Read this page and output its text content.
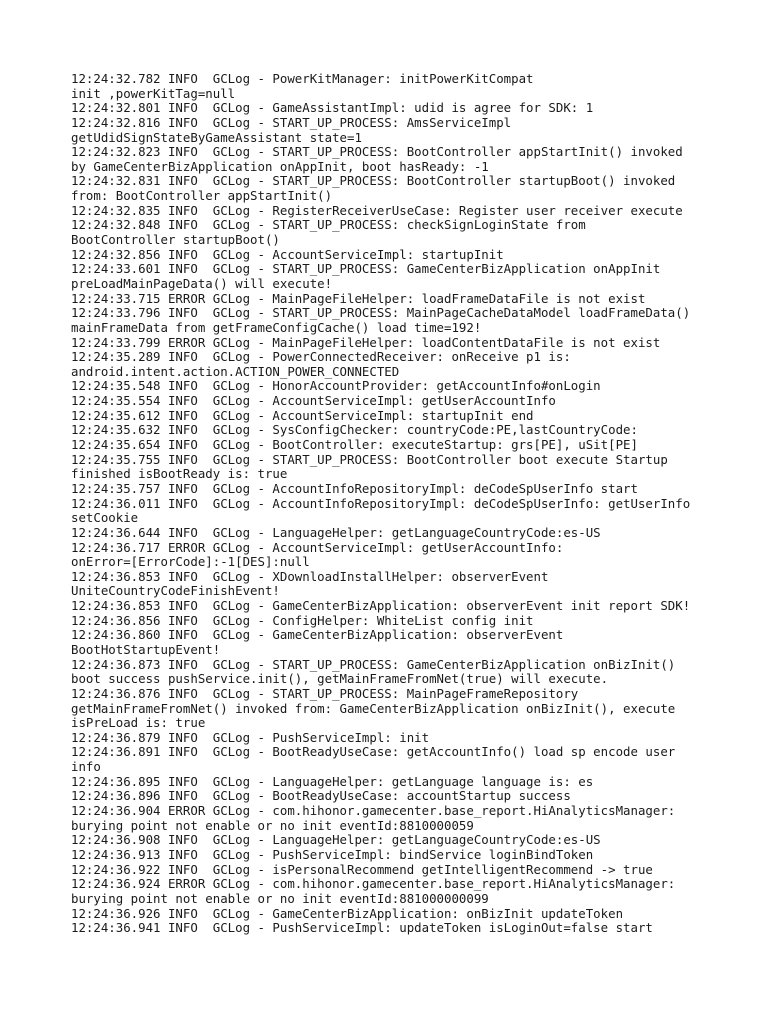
12:24:32.782 INFO  GCLog - PowerKitManager: initPowerKitCompat
init ,powerKitTag=null
12:24:32.801 INFO  GCLog - GameAssistantImpl: udid is agree for SDK: 1
12:24:32.816 INFO  GCLog - START_UP_PROCESS: AmsServiceImpl
getUdidSignStateByGameAssistant state=1
12:24:32.823 INFO  GCLog - START_UP_PROCESS: BootController appStartInit() invoked
by GameCenterBizApplication onAppInit, boot hasReady: -1
12:24:32.831 INFO  GCLog - START_UP_PROCESS: BootController startupBoot() invoked
from: BootController appStartInit()
12:24:32.835 INFO  GCLog - RegisterReceiverUseCase: Register user receiver execute
12:24:32.848 INFO  GCLog - START_UP_PROCESS: checkSignLoginState from
BootController startupBoot()
12:24:32.856 INFO  GCLog - AccountServiceImpl: startupInit
12:24:33.601 INFO  GCLog - START_UP_PROCESS: GameCenterBizApplication onAppInit
preLoadMainPageData() will execute!
12:24:33.715 ERROR GCLog - MainPageFileHelper: loadFrameDataFile is not exist
12:24:33.796 INFO  GCLog - START_UP_PROCESS: MainPageCacheDataModel loadFrameData()
mainFrameData from getFrameConfigCache() load time=192!
12:24:33.799 ERROR GCLog - MainPageFileHelper: loadContentDataFile is not exist
12:24:35.289 INFO  GCLog - PowerConnectedReceiver: onReceive p1 is:
android.intent.action.ACTION_POWER_CONNECTED
12:24:35.548 INFO  GCLog - HonorAccountProvider: getAccountInfo#onLogin
12:24:35.554 INFO  GCLog - AccountServiceImpl: getUserAccountInfo
12:24:35.612 INFO  GCLog - AccountServiceImpl: startupInit end
12:24:35.632 INFO  GCLog - SysConfigChecker: countryCode:PE,lastCountryCode:
12:24:35.654 INFO  GCLog - BootController: executeStartup: grs[PE], uSit[PE]
12:24:35.755 INFO  GCLog - START_UP_PROCESS: BootController boot execute Startup
finished isBootReady is: true
12:24:35.757 INFO  GCLog - AccountInfoRepositoryImpl: deCodeSpUserInfo start
12:24:36.011 INFO  GCLog - AccountInfoRepositoryImpl: deCodeSpUserInfo: getUserInfo
setCookie
12:24:36.644 INFO  GCLog - LanguageHelper: getLanguageCountryCode:es-US
12:24:36.717 ERROR GCLog - AccountServiceImpl: getUserAccountInfo:
onError=[ErrorCode]:-1[DES]:null
12:24:36.853 INFO  GCLog - XDownloadInstallHelper: observerEvent
UniteCountryCodeFinishEvent!
12:24:36.853 INFO  GCLog - GameCenterBizApplication: observerEvent init report SDK!
12:24:36.856 INFO  GCLog - ConfigHelper: WhiteList config init
12:24:36.860 INFO  GCLog - GameCenterBizApplication: observerEvent
BootHotStartupEvent!
12:24:36.873 INFO  GCLog - START_UP_PROCESS: GameCenterBizApplication onBizInit()
boot success pushService.init(), getMainFrameFromNet(true) will execute.
12:24:36.876 INFO  GCLog - START_UP_PROCESS: MainPageFrameRepository
getMainFrameFromNet() invoked from: GameCenterBizApplication onBizInit(), execute
isPreLoad is: true
12:24:36.879 INFO  GCLog - PushServiceImpl: init
12:24:36.891 INFO  GCLog - BootReadyUseCase: getAccountInfo() load sp encode user
info
12:24:36.895 INFO  GCLog - LanguageHelper: getLanguage language is: es
12:24:36.896 INFO  GCLog - BootReadyUseCase: accountStartup success
12:24:36.904 ERROR GCLog - com.hihonor.gamecenter.base_report.HiAnalyticsManager:
burying point not enable or no init eventId:8810000059
12:24:36.908 INFO  GCLog - LanguageHelper: getLanguageCountryCode:es-US
12:24:36.913 INFO  GCLog - PushServiceImpl: bindService loginBindToken
12:24:36.922 INFO  GCLog - isPersonalRecommend getIntelligentRecommend -> true
12:24:36.924 ERROR GCLog - com.hihonor.gamecenter.base_report.HiAnalyticsManager:
burying point not enable or no init eventId:881000000099
12:24:36.926 INFO  GCLog - GameCenterBizApplication: onBizInit updateToken
12:24:36.941 INFO  GCLog - PushServiceImpl: updateToken isLoginOut=false start
